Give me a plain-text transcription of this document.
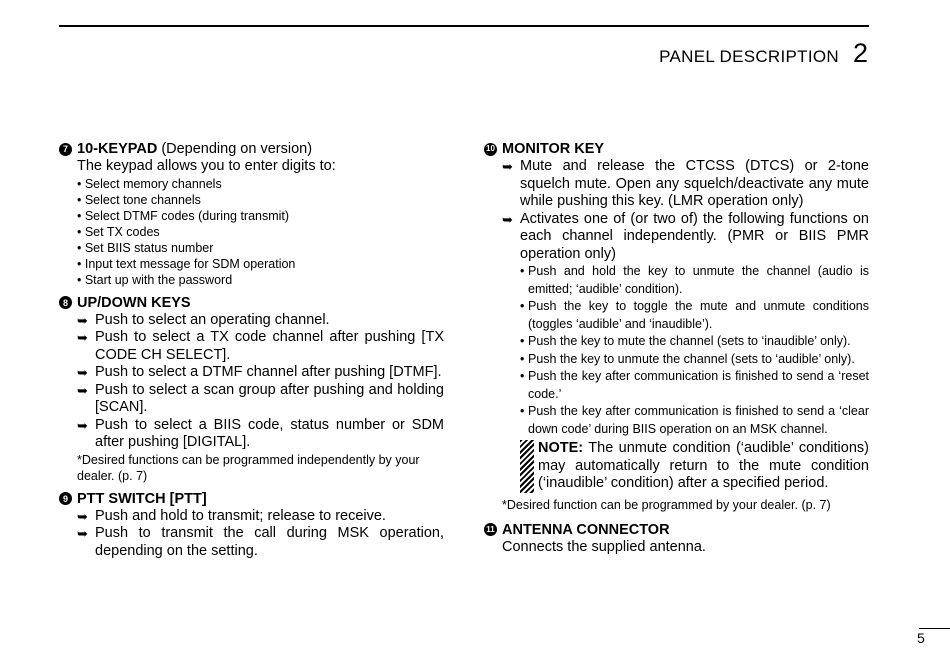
PANEL DESCRIPTION 2
7 10-KEYPAD (Depending on version)
The keypad allows you to enter digits to:
• Select memory channels
• Select tone channels
• Select DTMF codes (during transmit)
• Set TX codes
• Set BIIS status number
• Input text message for SDM operation
• Start up with the password
8 UP/DOWN KEYS
➥ Push to select an operating channel.
➥ Push to select a TX code channel after pushing [TX CODE CH SELECT].
➥ Push to select a DTMF channel after pushing [DTMF].
➥ Push to select a scan group after pushing and holding [SCAN].
➥ Push to select a BIIS code, status number or SDM after pushing [DIGITAL].
*Desired functions can be programmed independently by your dealer. (p. 7)
9 PTT SWITCH [PTT]
➥ Push and hold to transmit; release to receive.
➥ Push to transmit the call during MSK operation, depending on the setting.
10 MONITOR KEY
➥ Mute and release the CTCSS (DTCS) or 2-tone squelch mute. Open any squelch/deactivate any mute while pushing this key. (LMR operation only)
➥ Activates one of (or two of) the following functions on each channel independently. (PMR or BIIS PMR operation only)
• Push and hold the key to unmute the channel (audio is emitted; ‘audible’ condition).
• Push the key to toggle the mute and unmute conditions (toggles ‘audible’ and ‘inaudible’).
• Push the key to mute the channel (sets to ‘inaudible’ only).
• Push the key to unmute the channel (sets to ‘audible’ only).
• Push the key after communication is finished to send a ‘reset code.’
• Push the key after communication is finished to send a ‘clear down code’ during BIIS operation on an MSK channel.
NOTE: The unmute condition (‘audible’ conditions) may automatically return to the mute condition (‘inaudible’ condition) after a specified period.
*Desired function can be programmed by your dealer. (p. 7)
11 ANTENNA CONNECTOR
Connects the supplied antenna.
5
